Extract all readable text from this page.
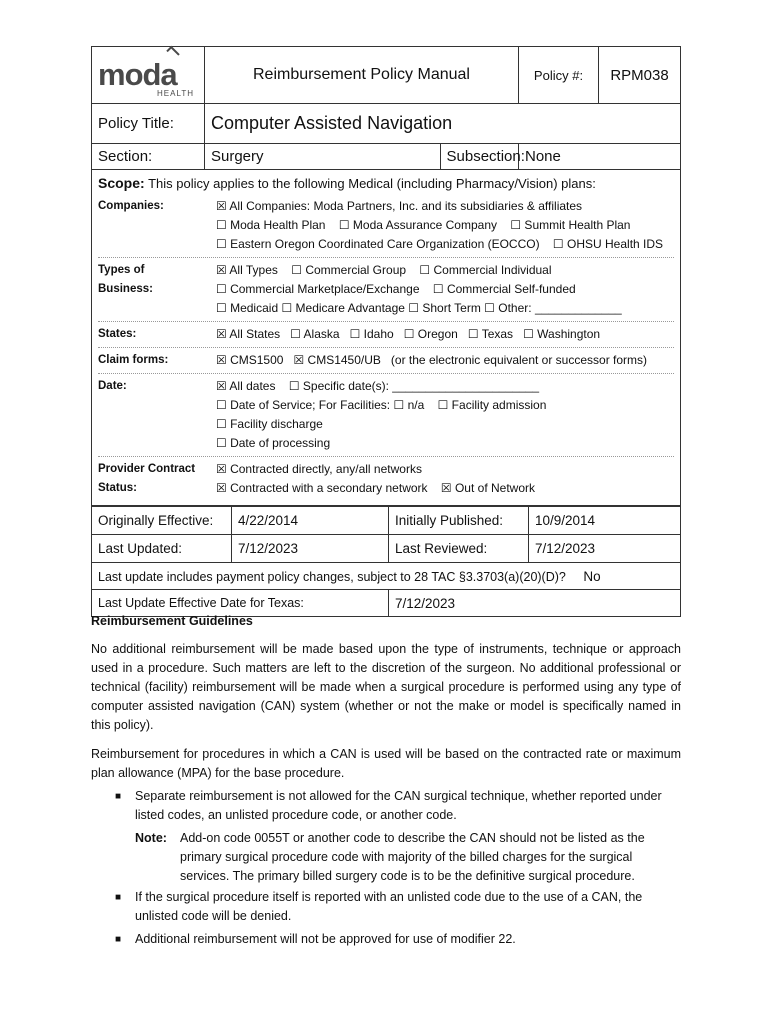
moda
HEALTH	Reimbursement Policy Manual		Policy #:	RPM038
Policy Title:	Computer Assisted Navigation			
Section:	Surgery	Subsection:	None	
Scope: This policy applies to the following Medical (including Pharmacy/Vision) plans:
Companies:	☒ All Companies: Moda Partners, Inc. and its subsidiaries & affiliates
☐ Moda Health Plan ☐ Moda Assurance Company ☐ Summit Health Plan
☐ Eastern Oregon Coordinated Care Organization (EOCCO) ☐ OHSU Health IDS
Types of
Business:
☒ All Types ☐ Commercial Group ☐ Commercial Individual
☐ Commercial Marketplace/Exchange ☐ Commercial Self-funded
☐ Medicaid ☐ Medicare Advantage ☐ Short Term ☐ Other: _____________
States:	☒ All States ☐ Alaska ☐ Idaho ☐ Oregon ☐ Texas ☐ Washington
Claim forms:	☒ CMS1500 ☒ CMS1450/UB (or the electronic equivalent or successor forms)
Date:	☒ All dates ☐ Specific date(s): ______________________
☐ Date of Service; For Facilities: ☐ n/a ☐ Facility admission ☐ Facility discharge
☐ Date of processing
Provider Contract
Status:
☒ Contracted directly, any/all networks
☒ Contracted with a secondary network ☒ Out of Network
Originally Effective:	4/22/2014	Initially Published:	10/9/2014
Last Updated:	7/12/2023	Last Reviewed:	7/12/2023
Last update includes payment policy changes, subject to 28 TAC §3.3703(a)(20)(D)? No			
Last Update Effective Date for Texas:		7/12/2023	
Reimbursement Guidelines

No additional reimbursement will be made based upon the type of instruments, technique or approach used in a procedure. Such matters are left to the discretion of the surgeon. No additional professional or technical (facility) reimbursement will be made when a surgical procedure is performed using any type of computer assisted navigation (CAN) system (whether or not the make or model is specifically named in this policy).

Reimbursement for procedures in which a CAN is used will be based on the contracted rate or maximum plan allowance (MPA) for the base procedure.

■ Separate reimbursement is not allowed for the CAN surgical technique, whether reported under listed codes, an unlisted procedure code, or another code.
Note:	Add-on code 0055T or another code to describe the CAN should not be listed as the primary surgical procedure code with majority of the billed charges for the surgical services. The primary billed surgery code is to be the definitive surgical procedure.
■ If the surgical procedure itself is reported with an unlisted code due to the use of a CAN, the unlisted code will be denied.
■ Additional reimbursement will not be approved for use of modifier 22.
